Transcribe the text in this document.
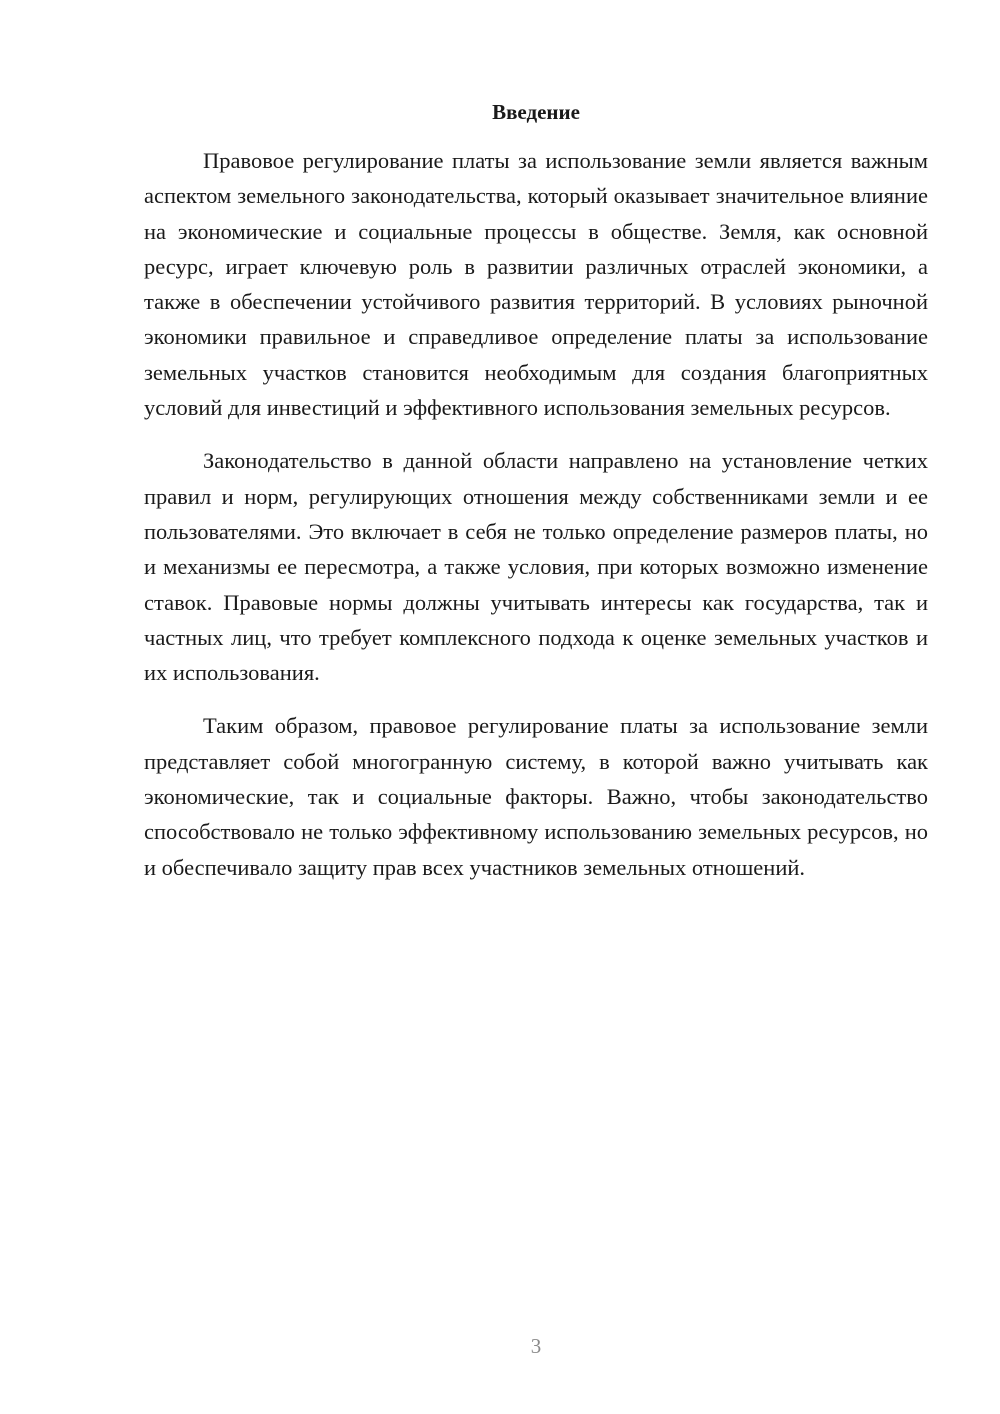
Введение

Правовое регулирование платы за использование земли является важным аспектом земельного законодательства, который оказывает значительное влияние на экономические и социальные процессы в обществе. Земля, как основной ресурс, играет ключевую роль в развитии различных отраслей экономики, а также в обеспечении устойчивого развития территорий. В условиях рыночной экономики правильное и справедливое определение платы за использование земельных участков становится необходимым для создания благоприятных условий для инвестиций и эффективного использования земельных ресурсов.

Законодательство в данной области направлено на установление четких правил и норм, регулирующих отношения между собственниками земли и ее пользователями. Это включает в себя не только определение размеров платы, но и механизмы ее пересмотра, а также условия, при которых возможно изменение ставок. Правовые нормы должны учитывать интересы как государства, так и частных лиц, что требует комплексного подхода к оценке земельных участков и их использования.

Таким образом, правовое регулирование платы за использование земли представляет собой многогранную систему, в которой важно учитывать как экономические, так и социальные факторы. Важно, чтобы законодательство способствовало не только эффективному использованию земельных ресурсов, но и обеспечивало защиту прав всех участников земельных отношений.

3
